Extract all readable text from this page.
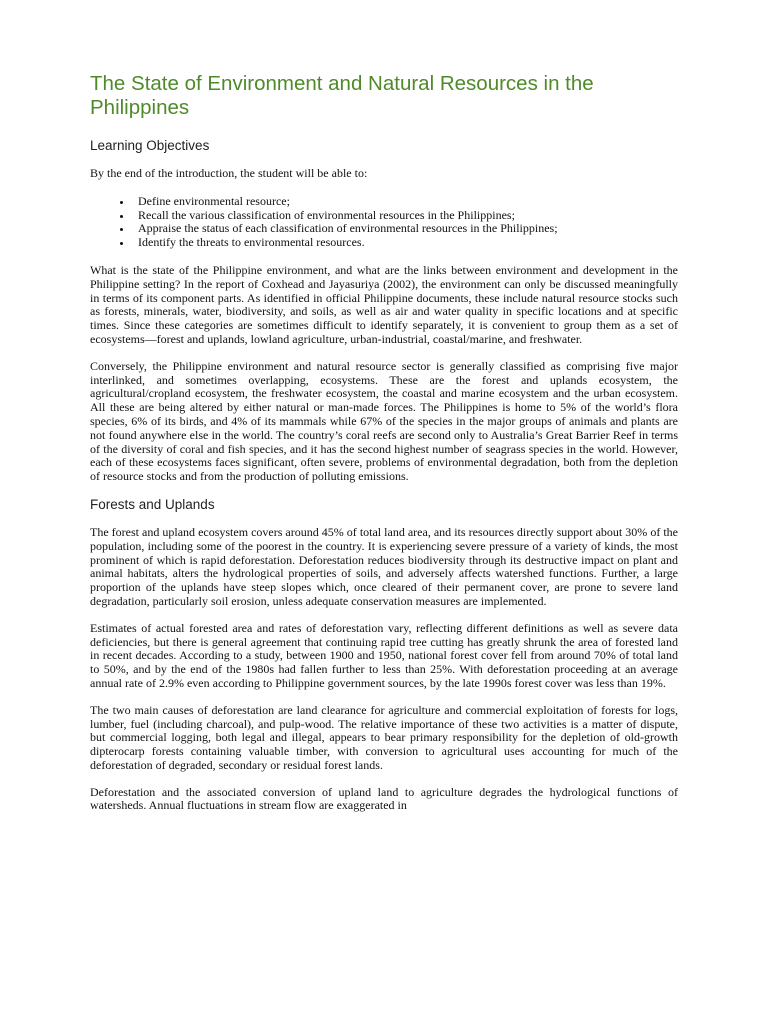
The State of Environment and Natural Resources in the Philippines
Learning Objectives

By the end of the introduction, the student will be able to:

• Define environmental resource;
• Recall the various classification of environmental resources in the Philippines;
• Appraise the status of each classification of environmental resources in the Philippines;
• Identify the threats to environmental resources.

What is the state of the Philippine environment, and what are the links between environment and development in the Philippine setting? In the report of Coxhead and Jayasuriya (2002), the environment can only be discussed meaningfully in terms of its component parts. As identified in official Philippine documents, these include natural resource stocks such as forests, minerals, water, biodiversity, and soils, as well as air and water quality in specific locations and at specific times. Since these categories are sometimes difficult to identify separately, it is convenient to group them as a set of ecosystems—forest and uplands, lowland agriculture, urban-industrial, coastal/marine, and freshwater.

Conversely, the Philippine environment and natural resource sector is generally classified as comprising five major interlinked, and sometimes overlapping, ecosystems. These are the forest and uplands ecosystem, the agricultural/cropland ecosystem, the freshwater ecosystem, the coastal and marine ecosystem and the urban ecosystem. All these are being altered by either natural or man-made forces. The Philippines is home to 5% of the world’s flora species, 6% of its birds, and 4% of its mammals while 67% of the species in the major groups of animals and plants are not found anywhere else in the world. The country’s coral reefs are second only to Australia’s Great Barrier Reef in terms of the diversity of coral and fish species, and it has the second highest number of seagrass species in the world. However, each of these ecosystems faces significant, often severe, problems of environmental degradation, both from the depletion of resource stocks and from the production of polluting emissions.

Forests and Uplands

The forest and upland ecosystem covers around 45% of total land area, and its resources directly support about 30% of the population, including some of the poorest in the country. It is experiencing severe pressure of a variety of kinds, the most prominent of which is rapid deforestation. Deforestation reduces biodiversity through its destructive impact on plant and animal habitats, alters the hydrological properties of soils, and adversely affects watershed functions. Further, a large proportion of the uplands have steep slopes which, once cleared of their permanent cover, are prone to severe land degradation, particularly soil erosion, unless adequate conservation measures are implemented.

Estimates of actual forested area and rates of deforestation vary, reflecting different definitions as well as severe data deficiencies, but there is general agreement that continuing rapid tree cutting has greatly shrunk the area of forested land in recent decades. According to a study, between 1900 and 1950, national forest cover fell from around 70% of total land to 50%, and by the end of the 1980s had fallen further to less than 25%. With deforestation proceeding at an average annual rate of 2.9% even according to Philippine government sources, by the late 1990s forest cover was less than 19%.

The two main causes of deforestation are land clearance for agriculture and commercial exploitation of forests for logs, lumber, fuel (including charcoal), and pulp-wood. The relative importance of these two activities is a matter of dispute, but commercial logging, both legal and illegal, appears to bear primary responsibility for the depletion of old-growth dipterocarp forests containing valuable timber, with conversion to agricultural uses accounting for much of the deforestation of degraded, secondary or residual forest lands.

Deforestation and the associated conversion of upland land to agriculture degrades the hydrological functions of watersheds. Annual fluctuations in stream flow are exaggerated in
